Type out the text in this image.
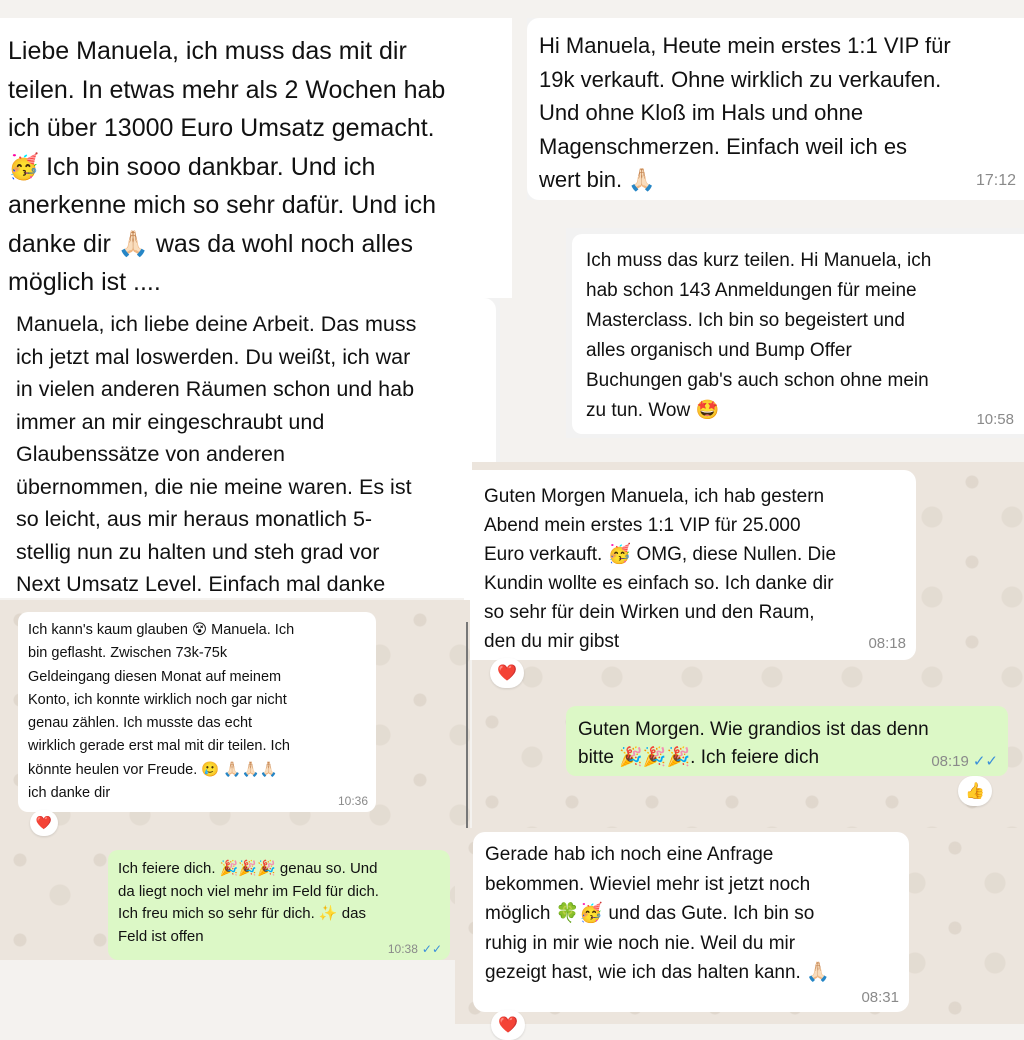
Liebe Manuela, ich muss das mit dir
teilen. In etwas mehr als 2 Wochen hab
ich über 13000 Euro Umsatz gemacht.
🥳 Ich bin sooo dankbar. Und ich
anerkenne mich so sehr dafür. Und ich
danke dir 🙏🏻 was da wohl noch alles
möglich ist ....

Hi Manuela, Heute mein erstes 1:1 VIP für
19k verkauft. Ohne wirklich zu verkaufen.
Und ohne Kloß im Hals und ohne
Magenschmerzen. Einfach weil ich es
wert bin. 🙏🏻	17:12

Ich muss das kurz teilen. Hi Manuela, ich
hab schon 143 Anmeldungen für meine
Masterclass. Ich bin so begeistert und
alles organisch und Bump Offer
Buchungen gab's auch schon ohne mein
zu tun. Wow 🤩	10:58

Manuela, ich liebe deine Arbeit. Das muss
ich jetzt mal loswerden. Du weißt, ich war
in vielen anderen Räumen schon und hab
immer an mir eingeschraubt und
Glaubenssätze von anderen
übernommen, die nie meine waren. Es ist
so leicht, aus mir heraus monatlich 5-
stellig nun zu halten und steh grad vor
Next Umsatz Level. Einfach mal danke

Guten Morgen Manuela, ich hab gestern
Abend mein erstes 1:1 VIP für 25.000
Euro verkauft. 🥳 OMG, diese Nullen. Die
Kundin wollte es einfach so. Ich danke dir
so sehr für dein Wirken und den Raum,
den du mir gibst	08:18
❤️

Guten Morgen. Wie grandios ist das denn
bitte 🎉🎉🎉. Ich feiere dich	08:19 ✓✓
👍

Ich kann's kaum glauben 😵 Manuela. Ich
bin geflasht. Zwischen 73k-75k
Geldeingang diesen Monat auf meinem
Konto, ich konnte wirklich noch gar nicht
genau zählen. Ich musste das echt
wirklich gerade erst mal mit dir teilen. Ich
könnte heulen vor Freude. 🥲 🙏🏻🙏🏻🙏🏻
ich danke dir	10:36
❤️

Ich feiere dich. 🎉🎉🎉 genau so. Und
da liegt noch viel mehr im Feld für dich.
Ich freu mich so sehr für dich. ✨ das
Feld ist offen

10:38 ✓✓

Gerade hab ich noch eine Anfrage
bekommen. Wieviel mehr ist jetzt noch
möglich 🍀🥳 und das Gute. Ich bin so
ruhig in mir wie noch nie. Weil du mir
gezeigt hast, wie ich das halten kann. 🙏🏻

08:31
❤️
